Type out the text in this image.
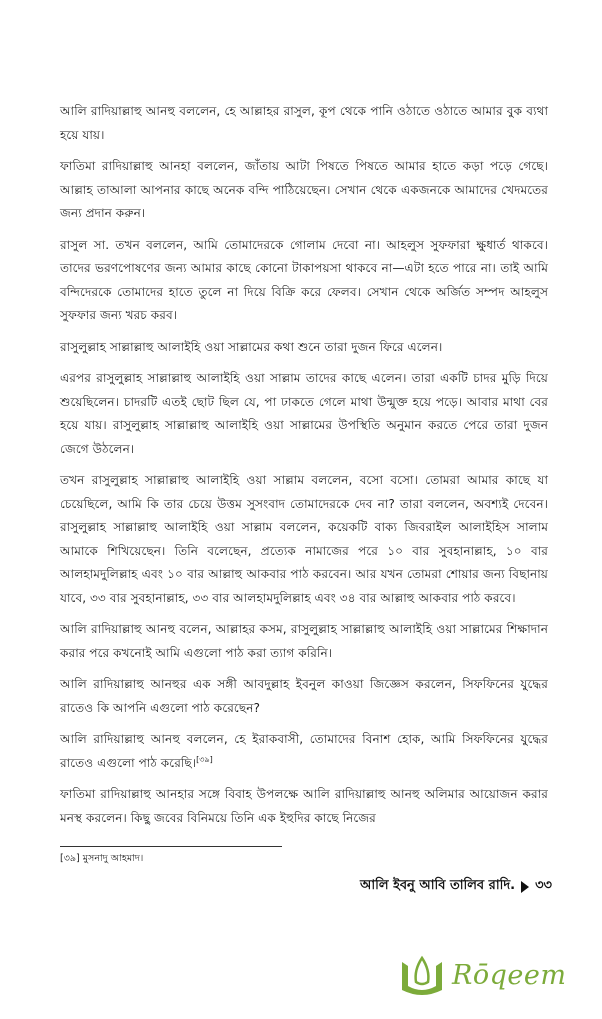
আলি রাদিয়াল্লাহু আনহু বললেন, হে আল্লাহর রাসুল, কূপ থেকে পানি ওঠাতে ওঠাতে আমার বুক ব্যথা হয়ে যায়।

ফাতিমা রাদিয়াল্লাহু আনহা বললেন, জাঁতায় আটা পিষতে পিষতে আমার হাতে কড়া পড়ে গেছে। আল্লাহ তাআলা আপনার কাছে অনেক বন্দি পাঠিয়েছেন। সেখান থেকে একজনকে আমাদের খেদমতের জন্য প্রদান করুন।

রাসুল সা. তখন বললেন, আমি তোমাদেরকে গোলাম দেবো না। আহলুস সুফফারা ক্ষুধার্ত থাকবে। তাদের ভরণপোষণের জন্য আমার কাছে কোনো টাকাপয়সা থাকবে না—এটা হতে পারে না। তাই আমি বন্দিদেরকে তোমাদের হাতে তুলে না দিয়ে বিক্রি করে ফেলব। সেখান থেকে অর্জিত সম্পদ আহলুস সুফফার জন্য খরচ করব।

রাসুলুল্লাহ সাল্লাল্লাহু আলাইহি ওয়া সাল্লামের কথা শুনে তারা দুজন ফিরে এলেন।

এরপর রাসুলুল্লাহ সাল্লাল্লাহু আলাইহি ওয়া সাল্লাম তাদের কাছে এলেন। তারা একটি চাদর মুড়ি দিয়ে শুয়েছিলেন। চাদরটি এতই ছোট ছিল যে, পা ঢাকতে গেলে মাথা উন্মুক্ত হয়ে পড়ে। আবার মাথা বের হয়ে যায়। রাসুলুল্লাহ সাল্লাল্লাহু আলাইহি ওয়া সাল্লামের উপস্থিতি অনুমান করতে পেরে তারা দুজন জেগে উঠলেন।

তখন রাসুলুল্লাহ সাল্লাল্লাহু আলাইহি ওয়া সাল্লাম বললেন, বসো বসো। তোমরা আমার কাছে যা চেয়েছিলে, আমি কি তার চেয়ে উত্তম সুসংবাদ তোমাদেরকে দেব না? তারা বললেন, অবশ্যই দেবেন। রাসুলুল্লাহ সাল্লাল্লাহু আলাইহি ওয়া সাল্লাম বললেন, কয়েকটি বাক্য জিবরাইল আলাইহিস সালাম আমাকে শিখিয়েছেন। তিনি বলেছেন, প্রত্যেক নামাজের পরে ১০ বার সুবহানাল্লাহ, ১০ বার আলহামদুলিল্লাহ এবং ১০ বার আল্লাহু আকবার পাঠ করবেন। আর যখন তোমরা শোয়ার জন্য বিছানায় যাবে, ৩৩ বার সুবহানাল্লাহ, ৩৩ বার আলহামদুলিল্লাহ এবং ৩৪ বার আল্লাহু আকবার পাঠ করবে।

আলি রাদিয়াল্লাহু আনহু বলেন, আল্লাহর কসম, রাসুলুল্লাহ সাল্লাল্লাহু আলাইহি ওয়া সাল্লামের শিক্ষাদান করার পরে কখনোই আমি এগুলো পাঠ করা ত্যাগ করিনি।

আলি রাদিয়াল্লাহু আনহুর এক সঙ্গী আবদুল্লাহ ইবনুল কাওয়া জিজ্ঞেস করলেন, সিফফিনের যুদ্ধের রাতেও কি আপনি এগুলো পাঠ করেছেন?

আলি রাদিয়াল্লাহু আনহু বললেন, হে ইরাকবাসী, তোমাদের বিনাশ হোক, আমি সিফফিনের যুদ্ধের রাতেও এগুলো পাঠ করেছি।[৩৯]

ফাতিমা রাদিয়াল্লাহু আনহার সঙ্গে বিবাহ উপলক্ষে আলি রাদিয়াল্লাহু আনহু অলিমার আয়োজন করার মনস্থ করলেন। কিছু জবের বিনিময়ে তিনি এক ইহুদির কাছে নিজের

[৩৯] মুসনাদু আহমাদ।
আলি ইবনু আবি তালিব রাদি. ৩৩
Rōqeem
